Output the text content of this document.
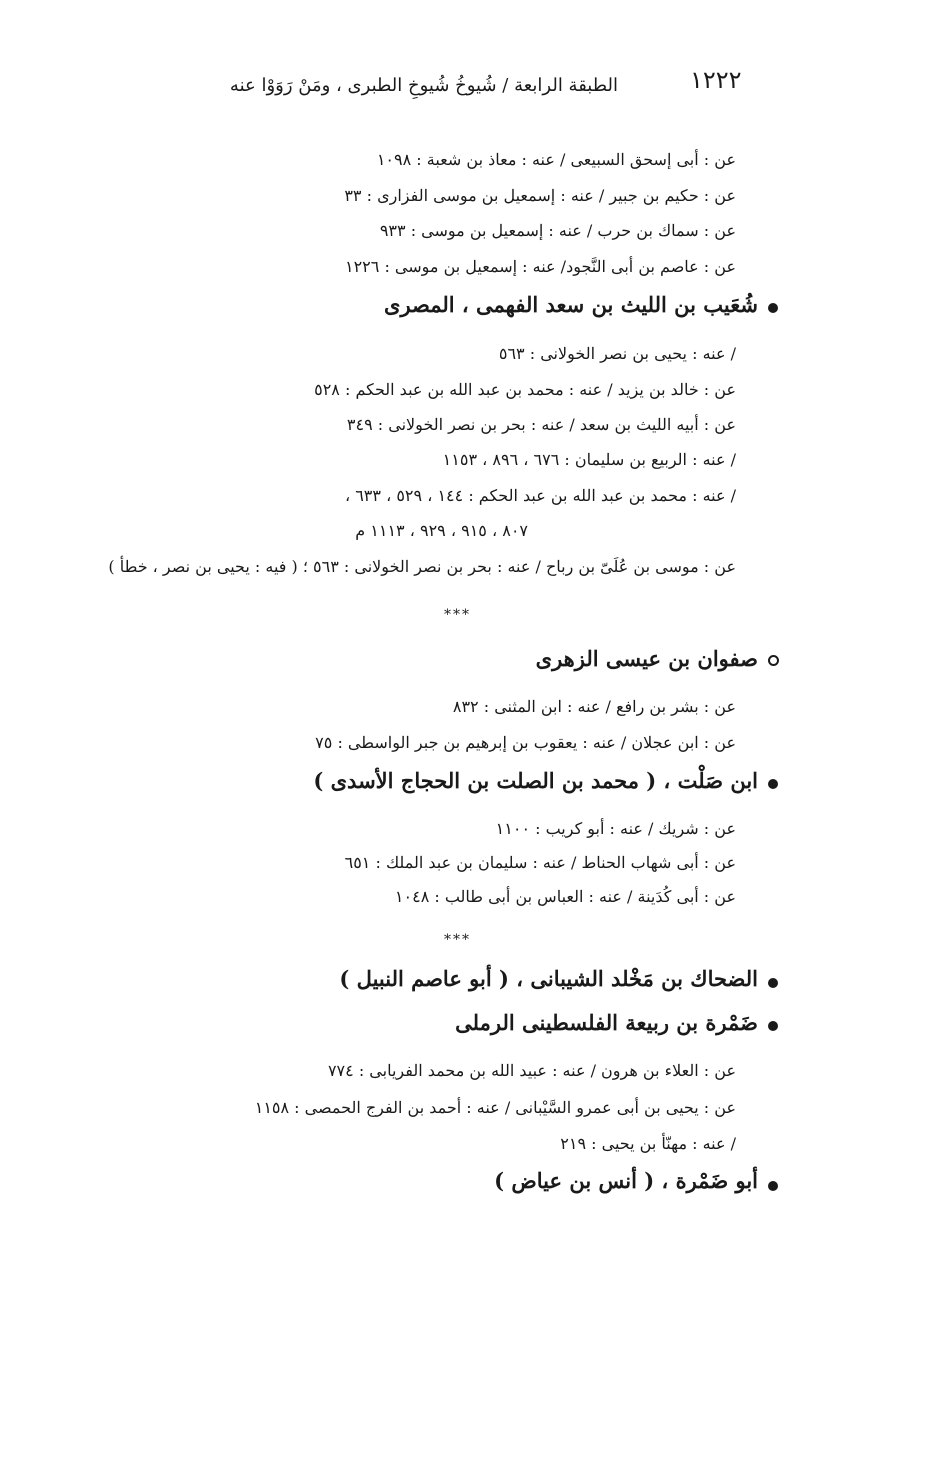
١٢٢٢
الطبقة الرابعة / شُيوخُ شُيوخِ الطبرى ، ومَنْ رَوَوْا عنه
عن : أبى إسحق السبيعى / عنه : معاذ بن شعبة : ١٠٩٨
عن : حكيم بن جبير / عنه : إسمعيل بن موسى الفزارى : ٣٣
عن : سماك بن حرب / عنه : إسمعيل بن موسى : ٩٣٣
عن : عاصم بن أبى النَّجود/ عنه : إسمعيل بن موسى : ١٢٢٦
شُعَيب بن الليث بن سعد الفهمى ، المصرى
/ عنه : يحيى بن نصر الخولانى : ٥٦٣
عن : خالد بن يزيد / عنه : محمد بن عبد الله بن عبد الحكم : ٥٢٨
عن : أبيه الليث بن سعد / عنه : بحر بن نصر الخولانى : ٣٤٩
/ عنه : الربيع بن سليمان : ٦٧٦ ، ٨٩٦ ، ١١٥٣
/ عنه : محمد بن عبد الله بن عبد الحكم : ١٤٤ ، ٥٢٩ ، ٦٣٣ ،
٨٠٧ ، ٩١٥ ، ٩٢٩ ، ١١١٣ م
عن : موسى بن عُلَىّ بن رباح / عنه : بحر بن نصر الخولانى : ٥٦٣ ؛ ( فيه : يحيى بن نصر ، خطأ )
***
صفوان بن عيسى الزهرى
عن : بشر بن رافع / عنه : ابن المثنى : ٨٣٢
عن : ابن عجلان / عنه : يعقوب بن إبرهيم بن جبر الواسطى : ٧٥
ابن صَلْت ، ( محمد بن الصلت بن الحجاج الأسدى )
عن : شريك / عنه : أبو كريب : ١١٠٠
عن : أبى شهاب الحناط / عنه : سليمان بن عبد الملك : ٦٥١
عن : أبى كُدَينة / عنه : العباس بن أبى طالب : ١٠٤٨
***
الضحاك بن مَخْلد الشيبانى ، ( أبو عاصم النبيل )
ضَمْرة بن ربيعة الفلسطينى الرملى
عن : العلاء بن هرون / عنه : عبيد الله بن محمد الفريابى : ٧٧٤
عن : يحيى بن أبى عمرو السَّيْبانى / عنه : أحمد بن الفرج الحمصى : ١١٥٨
/ عنه : مهنّأ بن يحيى : ٢١٩
أبو ضَمْرة ، ( أنس بن عياض )
